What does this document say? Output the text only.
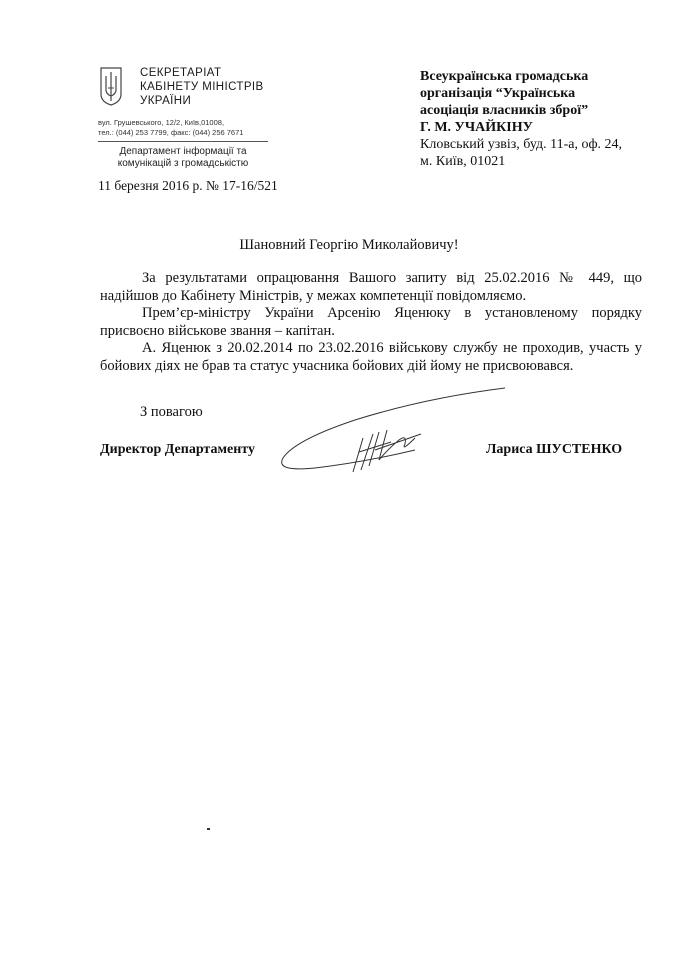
СЕКРЕТАРІАТ
КАБІНЕТУ МІНІСТРІВ
УКРАЇНИ
вул. Грушевського, 12/2, Київ,01008,
тел.: (044) 253 7799, факс: (044) 256 7671
Департамент інформації та
комунікацій з громадськістю
11 березня 2016 р. № 17-16/521
Всеукраїнська громадська
організація “Українська
асоціація власників зброї”
Г. М. УЧАЙКІНУ
Кловський узвіз, буд. 11-а, оф. 24,
м. Київ, 01021
Шановний Георгію Миколайовичу!

За результатами опрацювання Вашого запиту від 25.02.2016 № 449, що надійшов до Кабінету Міністрів, у межах компетенції повідомляємо.

Прем’єр-міністру України Арсенію Яценюку в установленому порядку присвоєно військове звання – капітан.

А. Яценюк з 20.02.2014 по 23.02.2016 військову службу не проходив, участь у бойових діях не брав та статус учасника бойових дій йому не присвоювався.

З повагою
Директор Департаменту	Лариса ШУСТЕНКО
